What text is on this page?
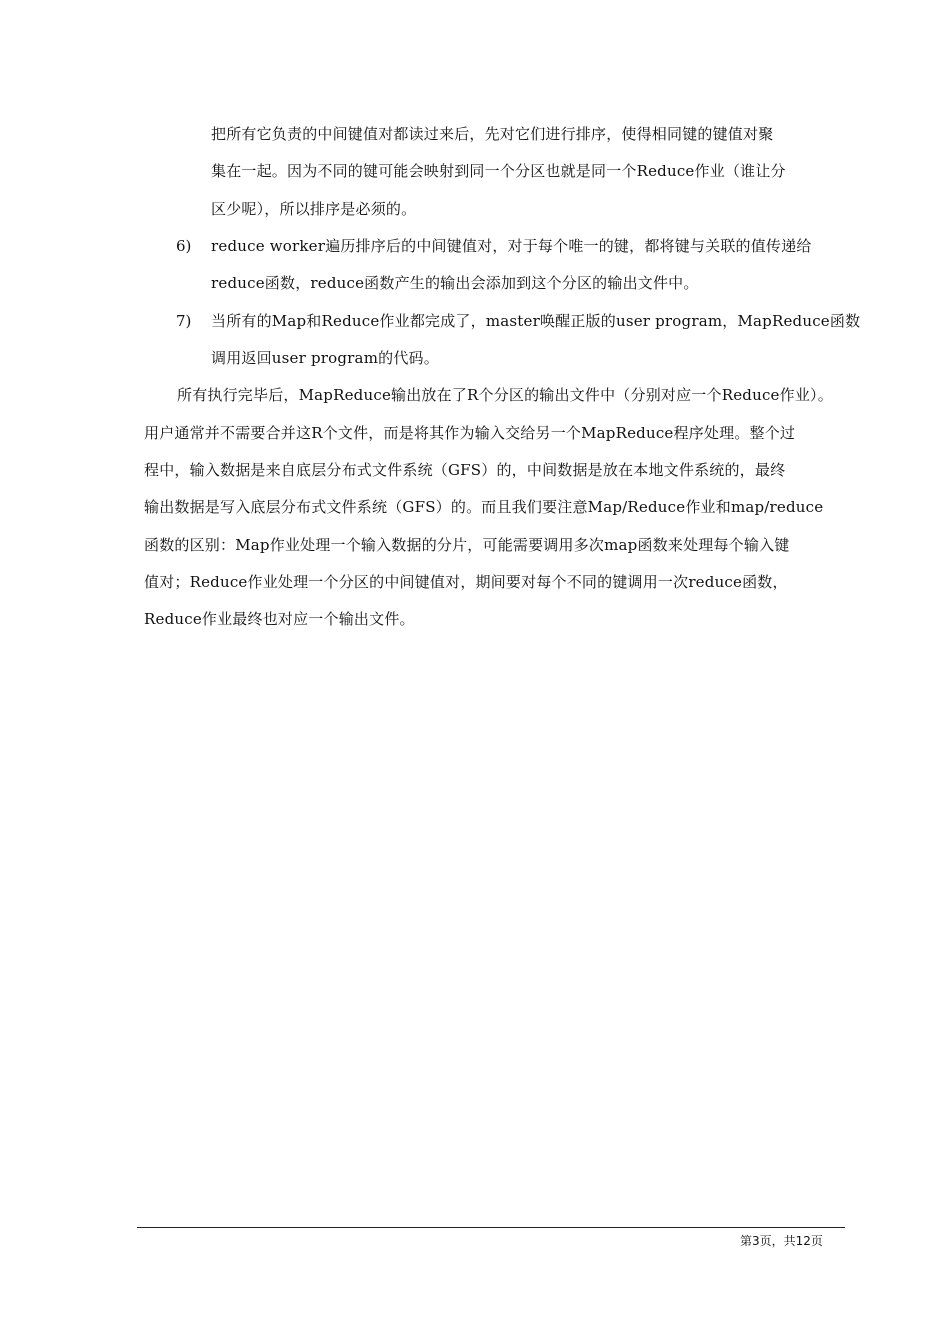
把所有它负责的中间键值对都读过来后，先对它们进行排序，使得相同键的键值对聚
集在一起。因为不同的键可能会映射到同一个分区也就是同一个Reduce作业（谁让分
区少呢），所以排序是必须的。
6) reduce worker遍历排序后的中间键值对，对于每个唯一的键，都将键与关联的值传递给
reduce函数，reduce函数产生的输出会添加到这个分区的输出文件中。
7) 当所有的Map和Reduce作业都完成了，master唤醒正版的user program，MapReduce函数
调用返回user program的代码。
所有执行完毕后，MapReduce输出放在了R个分区的输出文件中（分别对应一个Reduce作业）。
用户通常并不需要合并这R个文件，而是将其作为输入交给另一个MapReduce程序处理。整个过
程中，输入数据是来自底层分布式文件系统（GFS）的，中间数据是放在本地文件系统的，最终
输出数据是写入底层分布式文件系统（GFS）的。而且我们要注意Map/Reduce作业和map/reduce
函数的区别：Map作业处理一个输入数据的分片，可能需要调用多次map函数来处理每个输入键
值对；Reduce作业处理一个分区的中间键值对，期间要对每个不同的键调用一次reduce函数，
Reduce作业最终也对应一个输出文件。
第3页，共12页
